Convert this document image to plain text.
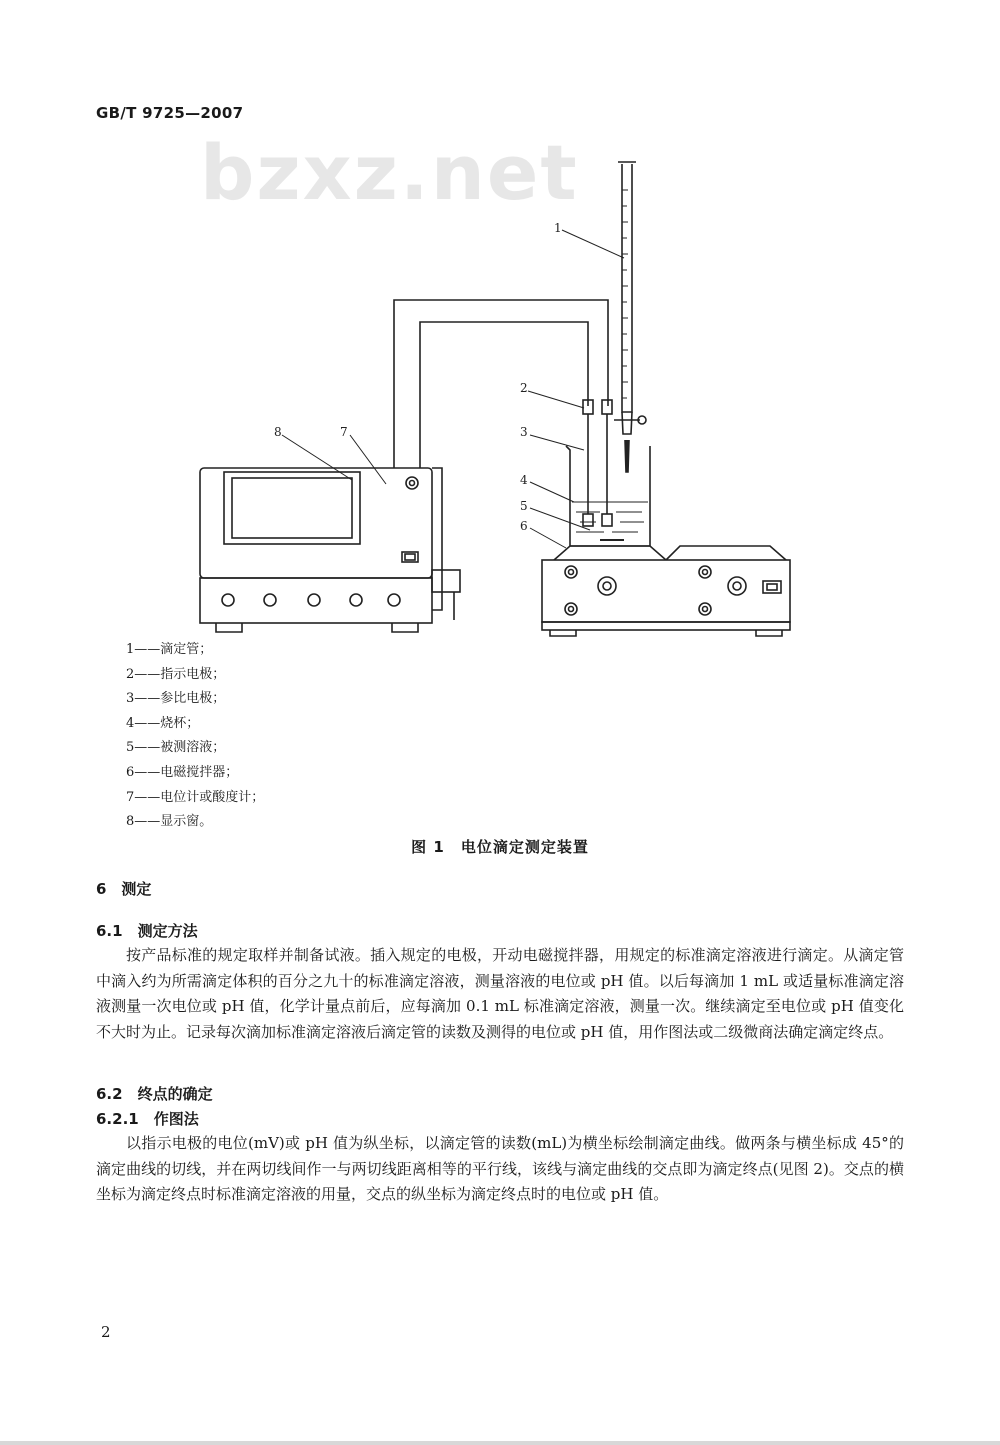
GB/T 9725—2007
bzxz.net
1
2
3
4
5
6
7
8
1——滴定管；
2——指示电极；
3——参比电极；
4——烧杯；
5——被测溶液；
6——电磁搅拌器；
7——电位计或酸度计；
8——显示窗。
图 1　电位滴定测定装置
6　测定
6.1　测定方法
按产品标准的规定取样并制备试液。插入规定的电极，开动电磁搅拌器，用规定的标准滴定溶液进行滴定。从滴定管中滴入约为所需滴定体积的百分之九十的标准滴定溶液，测量溶液的电位或 pH 值。以后每滴加 1 mL 或适量标准滴定溶液测量一次电位或 pH 值，化学计量点前后，应每滴加 0.1 mL 标准滴定溶液，测量一次。继续滴定至电位或 pH 值变化不大时为止。记录每次滴加标准滴定溶液后滴定管的读数及测得的电位或 pH 值，用作图法或二级微商法确定滴定终点。
6.2　终点的确定
6.2.1　作图法
以指示电极的电位(mV)或 pH 值为纵坐标，以滴定管的读数(mL)为横坐标绘制滴定曲线。做两条与横坐标成 45°的滴定曲线的切线，并在两切线间作一与两切线距离相等的平行线，该线与滴定曲线的交点即为滴定终点(见图 2)。交点的横坐标为滴定终点时标准滴定溶液的用量，交点的纵坐标为滴定终点时的电位或 pH 值。
2
